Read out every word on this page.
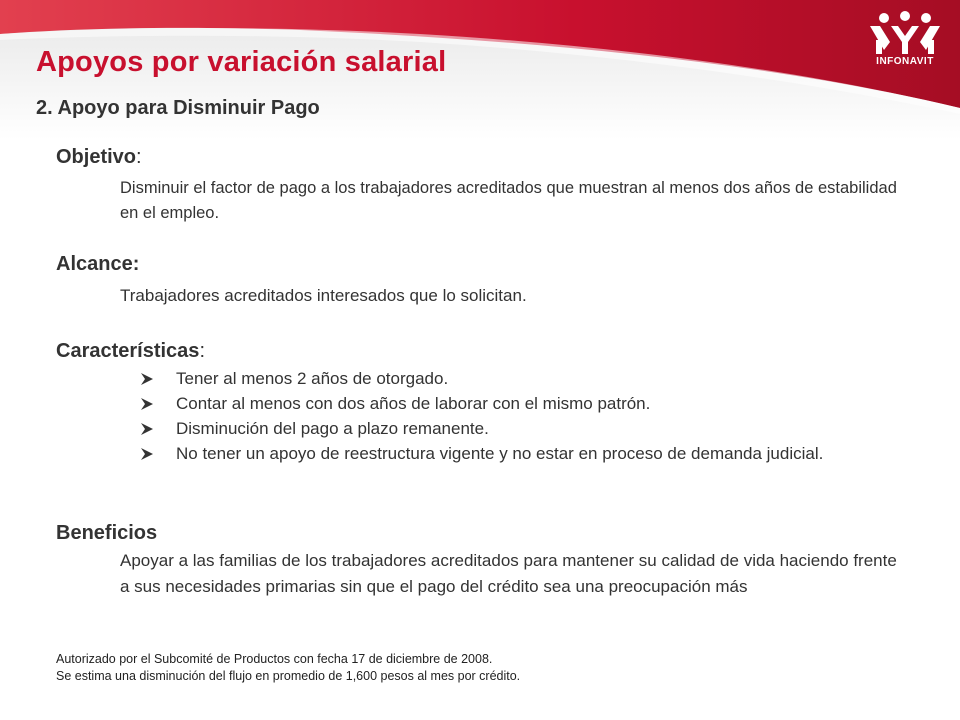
INFONAVIT
Apoyos por variación salarial
2. Apoyo para Disminuir Pago

Objetivo:

Disminuir el factor de pago a los trabajadores acreditados que muestran al menos dos años de estabilidad en el empleo.

Alcance:

Trabajadores acreditados interesados que lo solicitan.

Características:

Tener al menos 2 años de otorgado.
Contar al menos con dos años de laborar con el mismo patrón.
Disminución del pago a plazo remanente.
No tener un apoyo de reestructura vigente y no estar en proceso de demanda judicial.

Beneficios

Apoyar a las familias de los trabajadores acreditados para mantener su calidad de vida haciendo frente a sus necesidades primarias sin que el pago del crédito sea una preocupación más

Autorizado por el Subcomité de Productos con fecha 17 de diciembre de 2008.

Se estima una disminución del flujo en promedio de 1,600 pesos al mes por crédito.
